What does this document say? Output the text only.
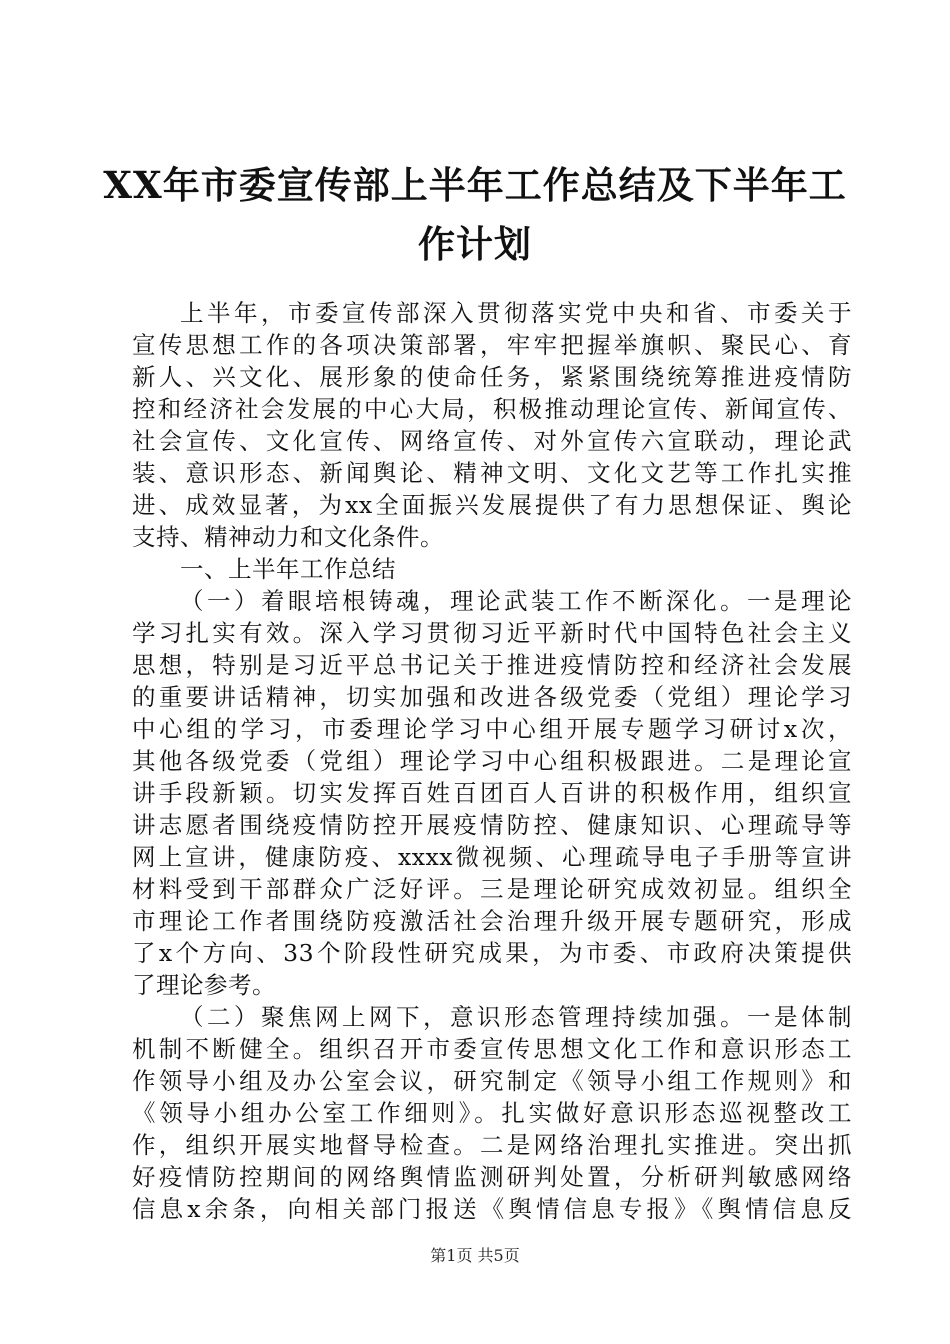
XX年市委宣传部上半年工作总结及下半年工
作计划
上半年，市委宣传部深入贯彻落实党中央和省、市委关于
宣传思想工作的各项决策部署，牢牢把握举旗帜、聚民心、育
新人、兴文化、展形象的使命任务，紧紧围绕统筹推进疫情防
控和经济社会发展的中心大局，积极推动理论宣传、新闻宣传、
社会宣传、文化宣传、网络宣传、对外宣传六宣联动，理论武
装、意识形态、新闻舆论、精神文明、文化文艺等工作扎实推
进、成效显著，为xx全面振兴发展提供了有力思想保证、舆论
支持、精神动力和文化条件。
一、上半年工作总结
（一）着眼培根铸魂，理论武装工作不断深化。一是理论
学习扎实有效。深入学习贯彻习近平新时代中国特色社会主义
思想，特别是习近平总书记关于推进疫情防控和经济社会发展
的重要讲话精神，切实加强和改进各级党委（党组）理论学习
中心组的学习，市委理论学习中心组开展专题学习研讨x次，
其他各级党委（党组）理论学习中心组积极跟进。二是理论宣
讲手段新颖。切实发挥百姓百团百人百讲的积极作用，组织宣
讲志愿者围绕疫情防控开展疫情防控、健康知识、心理疏导等
网上宣讲，健康防疫、xxxx微视频、心理疏导电子手册等宣讲
材料受到干部群众广泛好评。三是理论研究成效初显。组织全
市理论工作者围绕防疫激活社会治理升级开展专题研究，形成
了x个方向、33个阶段性研究成果，为市委、市政府决策提供
了理论参考。
（二）聚焦网上网下，意识形态管理持续加强。一是体制
机制不断健全。组织召开市委宣传思想文化工作和意识形态工
作领导小组及办公室会议，研究制定《领导小组工作规则》和
《领导小组办公室工作细则》。扎实做好意识形态巡视整改工
作，组织开展实地督导检查。二是网络治理扎实推进。突出抓
好疫情防控期间的网络舆情监测研判处置，分析研判敏感网络
信息x余条，向相关部门报送《舆情信息专报》《舆情信息反
第1页 共5页
